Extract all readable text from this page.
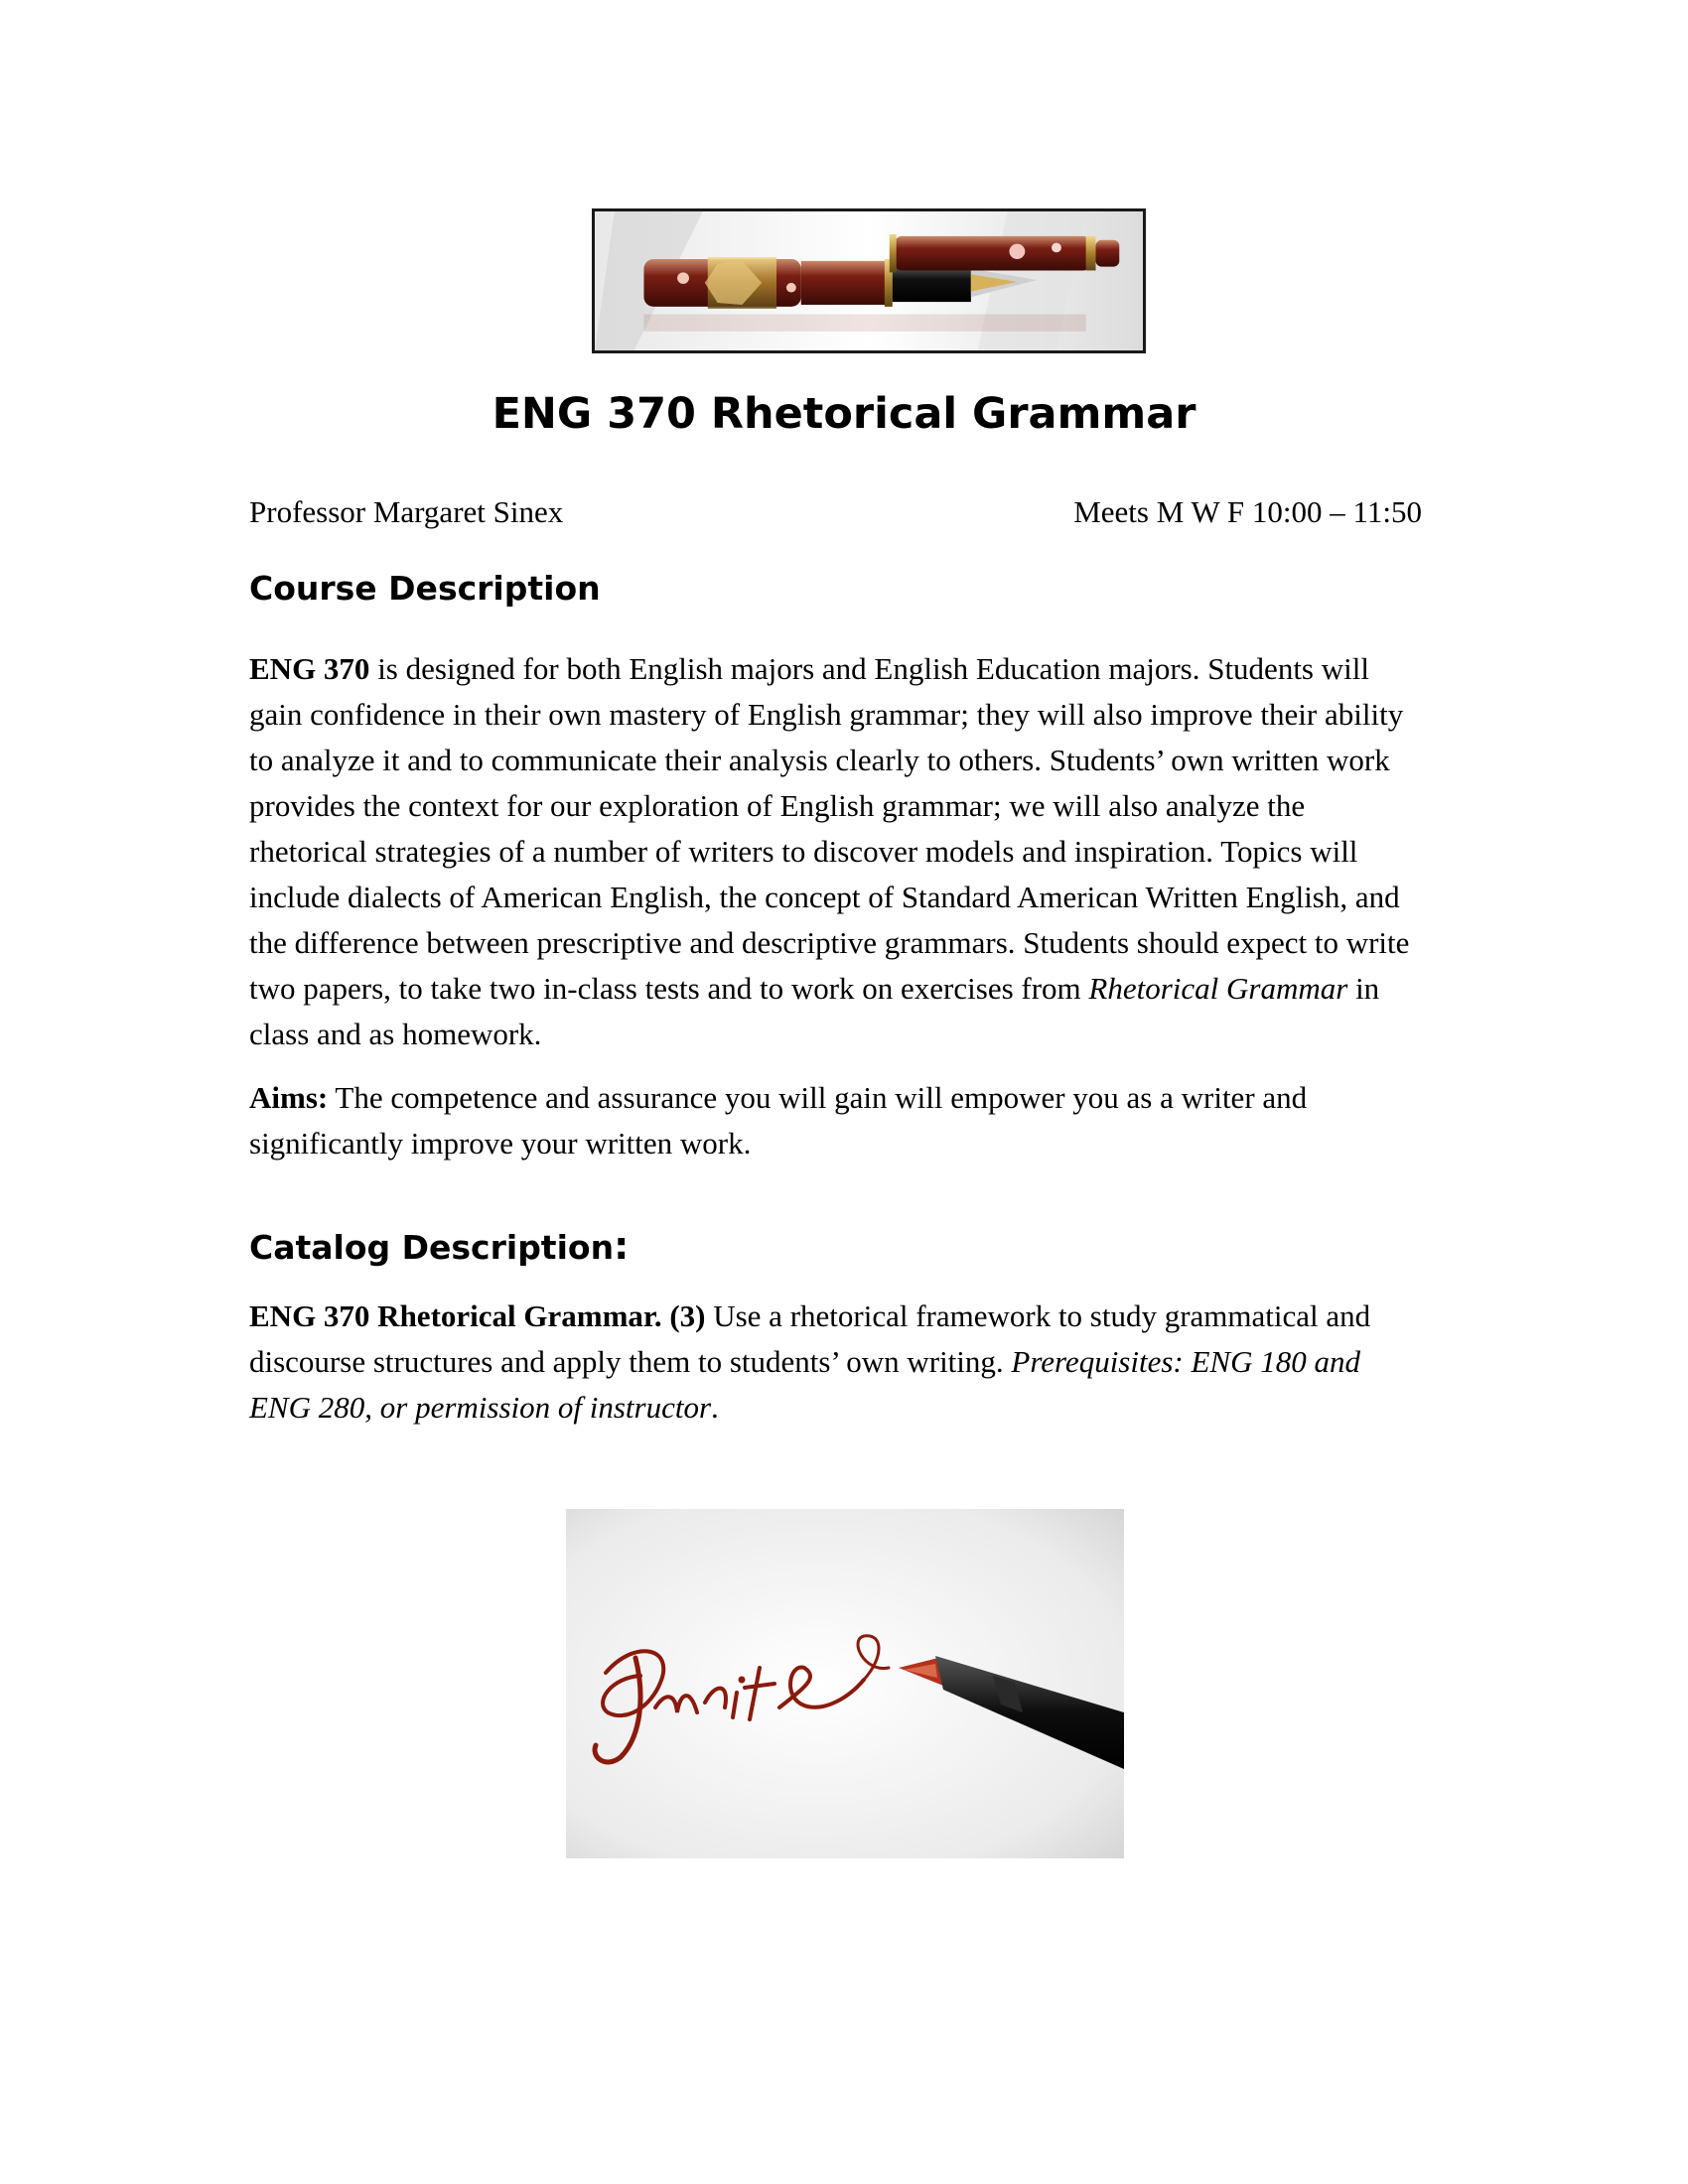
ENG 370 Rhetorical Grammar
Professor Margaret Sinex	Meets M W F 10:00 – 11:50
Course Description

ENG 370 is designed for both English majors and English Education majors. Students will gain confidence in their own mastery of English grammar; they will also improve their ability to analyze it and to communicate their analysis clearly to others. Students’ own written work provides the context for our exploration of English grammar; we will also analyze the rhetorical strategies of a number of writers to discover models and inspiration. Topics will include dialects of American English, the concept of Standard American Written English, and the difference between prescriptive and descriptive grammars. Students should expect to write two papers, to take two in-class tests and to work on exercises from Rhetorical Grammar in class and as homework.

Aims: The competence and assurance you will gain will empower you as a writer and significantly improve your written work.

Catalog Description:

ENG 370 Rhetorical Grammar. (3) Use a rhetorical framework to study grammatical and discourse structures and apply them to students’ own writing. Prerequisites: ENG 180 and ENG 280, or permission of instructor.
